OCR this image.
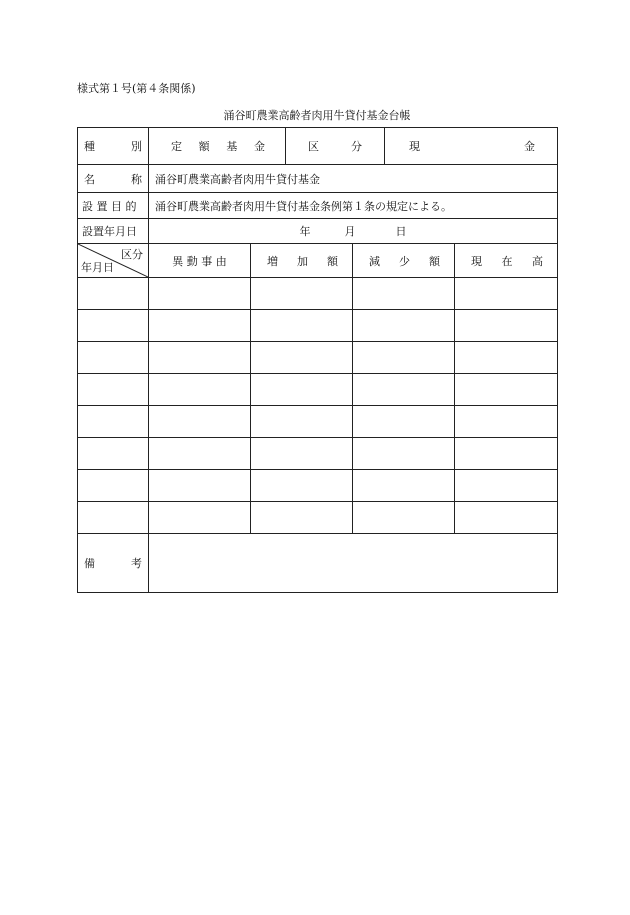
様式第１号(第４条関係)
涌谷町農業高齢者肉用牛貸付基金台帳
種 別	定 額 基 金		区 分		現 金	

名 称	涌谷町農業高齢者肉用牛貸付基金					
設 置 目 的	涌谷町農業高齢者肉用牛貸付基金条例第１条の規定による。					
設置年月日	年 月 日					

区分
年月日	異 動 事 由	増 加 額		減 少 額		現 在 高

備 考						
